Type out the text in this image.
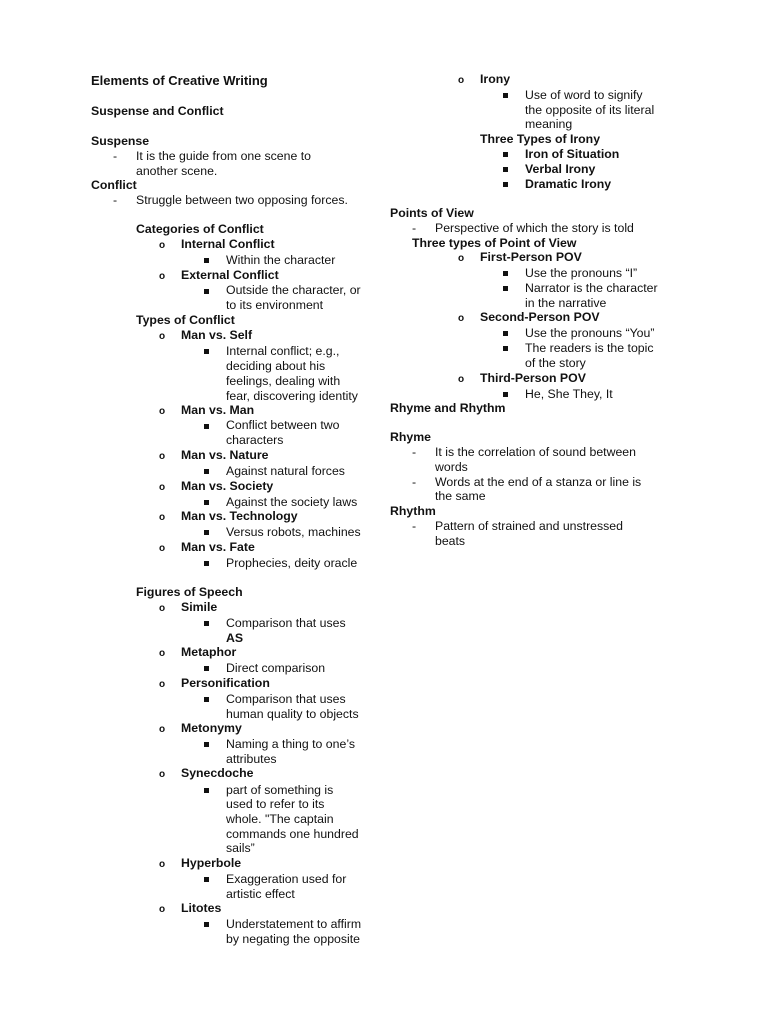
Elements of Creative Writing
Suspense and Conflict
Suspense
- It is the guide from one scene to
another scene.
Conflict
- Struggle between two opposing forces.
Categories of Conflict
o Internal Conflict
Within the character
o External Conflict
Outside the character, or
to its environment
Types of Conflict
o Man vs. Self
Internal conflict; e.g.,
deciding about his
feelings, dealing with
fear, discovering identity
o Man vs. Man
Conflict between two
characters
o Man vs. Nature
Against natural forces
o Man vs. Society
Against the society laws
o Man vs. Technology
Versus robots, machines
o Man vs. Fate
Prophecies, deity oracle
Figures of Speech
o Simile
Comparison that uses
AS
o Metaphor
Direct comparison
o Personification
Comparison that uses
human quality to objects
o Metonymy
Naming a thing to one’s
attributes
o Synecdoche
part of something is
used to refer to its
whole. "The captain
commands one hundred
sails”
o Hyperbole
Exaggeration used for
artistic effect
o Litotes
Understatement to affirm
by negating the opposite
o Irony
Use of word to signify
the opposite of its literal
meaning
Three Types of Irony
Iron of Situation
Verbal Irony
Dramatic Irony
Points of View
- Perspective of which the story is told
Three types of Point of View
o First-Person POV
Use the pronouns “I”
Narrator is the character
in the narrative
o Second-Person POV
Use the pronouns “You”
The readers is the topic
of the story
o Third-Person POV
He, She They, It
Rhyme and Rhythm
Rhyme
- It is the correlation of sound between
words
- Words at the end of a stanza or line is
the same
Rhythm
- Pattern of strained and unstressed
beats
